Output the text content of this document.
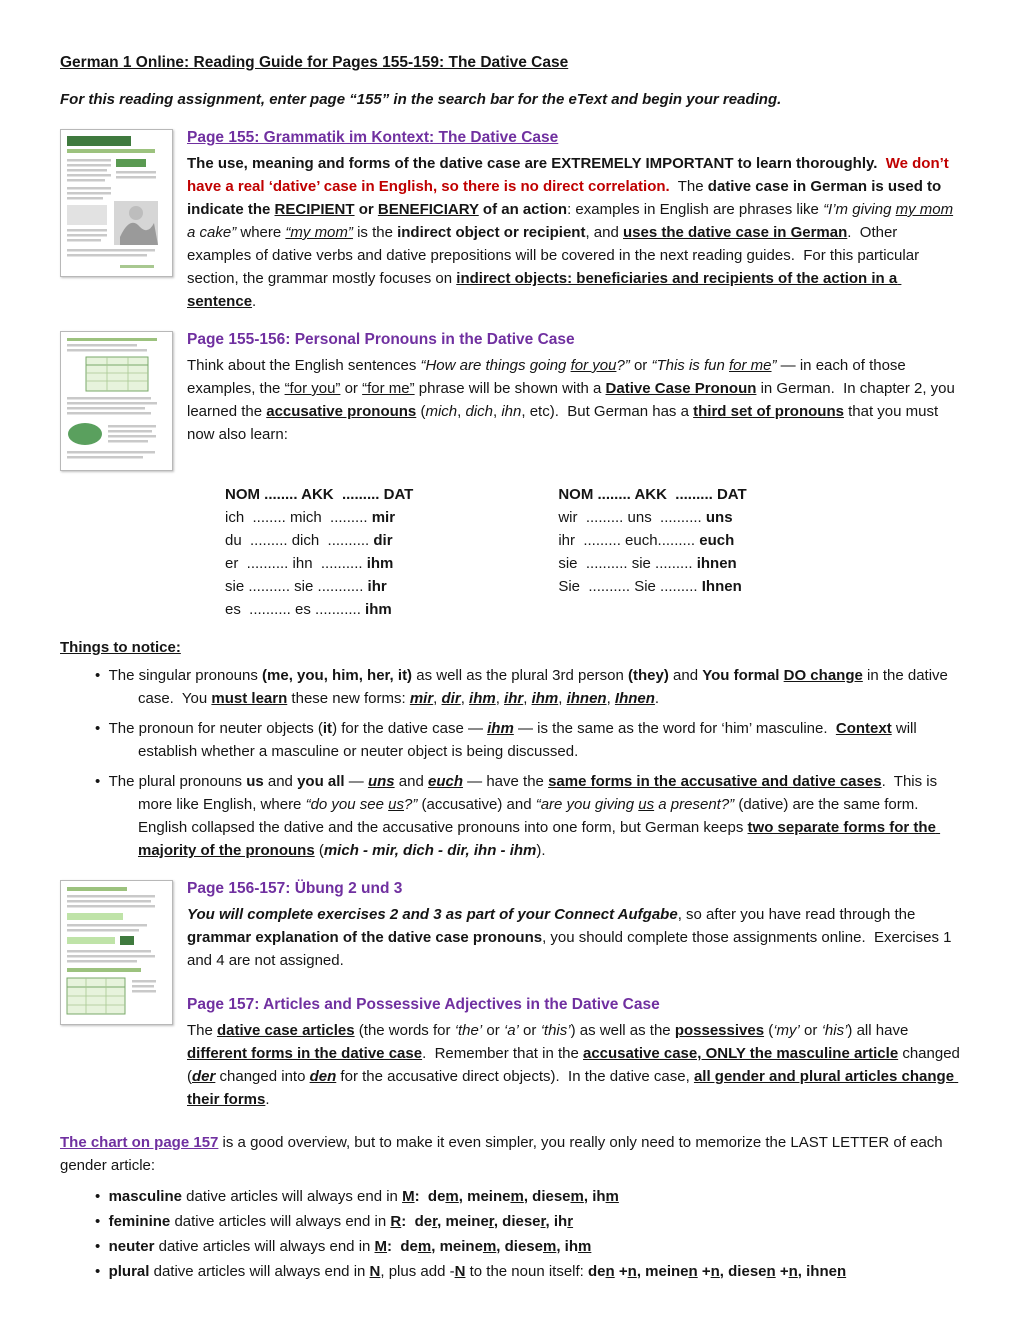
German 1 Online: Reading Guide for Pages 155-159: The Dative Case
For this reading assignment, enter page “155” in the search bar for the eText and begin your reading.
Page 155: Grammatik im Kontext: The Dative Case
The use, meaning and forms of the dative case are EXTREMELY IMPORTANT to learn thoroughly.  We don’t have a real ‘dative’ case in English, so there is no direct correlation.  The dative case in German is used to indicate the RECIPIENT or BENEFICIARY of an action: examples in English are phrases like “I’m giving my mom a cake” where “my mom” is the indirect object or recipient, and uses the dative case in German.  Other examples of dative verbs and dative prepositions will be covered in the next reading guides.  For this particular section, the grammar mostly focuses on indirect objects: beneficiaries and recipients of the action in a sentence.
Page 155-156: Personal Pronouns in the Dative Case
Think about the English sentences “How are things going for you?” or “This is fun for me” — in each of those examples, the “for you” or “for me” phrase will be shown with a Dative Case Pronoun in German.  In chapter 2, you learned the accusative pronouns (mich, dich, ihn, etc).  But German has a third set of pronouns that you must now also learn:
NOM ........ AKK  ......... DAT
ich  ........ mich  ......... mir
du  ......... dich  .......... dir
er  .......... ihn  .......... ihm
sie .......... sie ........... ihr
es  .......... es ........... ihm
NOM ........ AKK  ......... DAT
wir  ......... uns  .......... uns
ihr  ......... euch......... euch
sie  .......... sie ......... ihnen
Sie  .......... Sie ......... Ihnen
Things to notice:
•  The singular pronouns (me, you, him, her, it) as well as the plural 3rd person (they) and You formal DO change in the dative case.  You must learn these new forms: mir, dir, ihm, ihr, ihm, ihnen, Ihnen.
•  The pronoun for neuter objects (it) for the dative case — ihm — is the same as the word for ‘him’ masculine.  Context will establish whether a masculine or neuter object is being discussed.
•  The plural pronouns us and you all — uns and euch — have the same forms in the accusative and dative cases.  This is more like English, where “do you see us?” (accusative) and “are you giving us a present?” (dative) are the same form.  English collapsed the dative and the accusative pronouns into one form, but German keeps two separate forms for the majority of the pronouns (mich - mir, dich - dir, ihn - ihm).
Page 156-157: Übung 2 und 3
You will complete exercises 2 and 3 as part of your Connect Aufgabe, so after you have read through the grammar explanation of the dative case pronouns, you should complete those assignments online.  Exercises 1 and 4 are not assigned.
Page 157: Articles and Possessive Adjectives in the Dative Case
The dative case articles (the words for ‘the’ or ‘a’ or ‘this’) as well as the possessives (‘my’ or ‘his’) all have different forms in the dative case.  Remember that in the accusative case, ONLY the masculine article changed (der changed into den for the accusative direct objects).  In the dative case, all gender and plural articles change their forms.
The chart on page 157 is a good overview, but to make it even simpler, you really only need to memorize the LAST LETTER of each gender article:
•  masculine dative articles will always end in M:  dem, meinem, diesem, ihm
•  feminine dative articles will always end in R:  der, meiner, dieser, ihr
•  neuter dative articles will always end in M:  dem, meinem, diesem, ihm
•  plural dative articles will always end in N, plus add -N to the noun itself: den +n, meinen +n, diesen +n, ihnen
